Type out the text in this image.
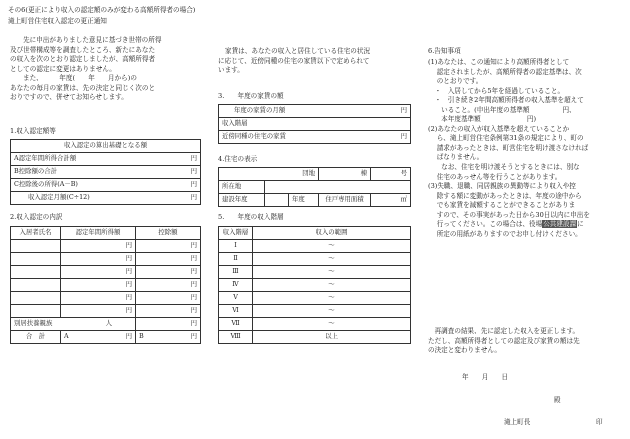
その6(更正により収入の認定額のみが変わる高額所得者の場合)
滝上町営住宅収入認定の更正通知
先に申出がありました意見に基づき世帯の所得
及び世帯構成等を調査したところ、新たにあなた
の収入を次のとおり認定しましたが、高額所得者
としての認定に変更はありません。
また、　　　年度(　　年　　月から)の
あなたの毎月の家賃は、先の決定と同じく次のと
おりですので、併せてお知らせします。
1.収入認定額等
収入認定の算出基礎となる額
A認定年間所得合計額	円

B控除額の合計	円

C控除後の所得(A－B)	円

収入認定月額(C÷12)	円
2.収入認定の内訳
入居者氏名	認定年間所得額	控除額
	円	円
	円	円
	円	円
	円	円
	円	円
	円	円
別居扶養親族 人		円
合　計	A 円	B 円
家賃は、あなたの収入と居住している住宅の状況
に応じて、近傍同種の住宅の家賃以下で定められて
います。
3.　　年度の家賃の額
年度の家賃の月額	円

収入階層
近傍同種の住宅の家賃	円
4.住宅の表示
団地			棟	号
所在地				
建設年度		年度	住戸専用面積	㎡
5.　　年度の収入階層
収入階層	収入の範囲
Ⅰ	～
Ⅱ	～
Ⅲ	～
Ⅳ	～
Ⅴ	～
Ⅵ	～
Ⅶ	～
Ⅷ	以上
6.告知事項
(1)あなたは、この通知により高額所得者として
　 認定されましたが、高額所得者の認定基準は、次
　 のとおりです。
　・　入居してから5年を経過していること。
　・　引き続き2年間高額所得者の収入基準を超えて
　　いること。(申出年度の基準額　　　　　円、
　　本年度基準額　　　　　　　円)
(2)あなたの収入が収入基準を超えていることか
　 ら、滝上町営住宅条例第31条の規定により、町の
　 請求があったときは、町営住宅を明け渡さなければ
　 ばなりません。
　　なお、住宅を明け渡そうとするときには、別な
　 住宅のあっせん等を行うことがあります。
(3)失職、退職、同居親族の異動等により収入や控
　 除する額に変動があったときは、年度の途中から
　 でも家賃を減額することができることがありま
　 すので、その事実があった日から30日以内に申出を
　 行ってください。この場合は、役場公共建設課に
　 所定の用紙がありますのでお申し付けください。
　再調査の結果、先に認定した収入を更正します。
ただし、高額所得者としての認定及び家賃の額は先
の決定と変わりません。
年　　月　　日
殿
滝上町長	印
